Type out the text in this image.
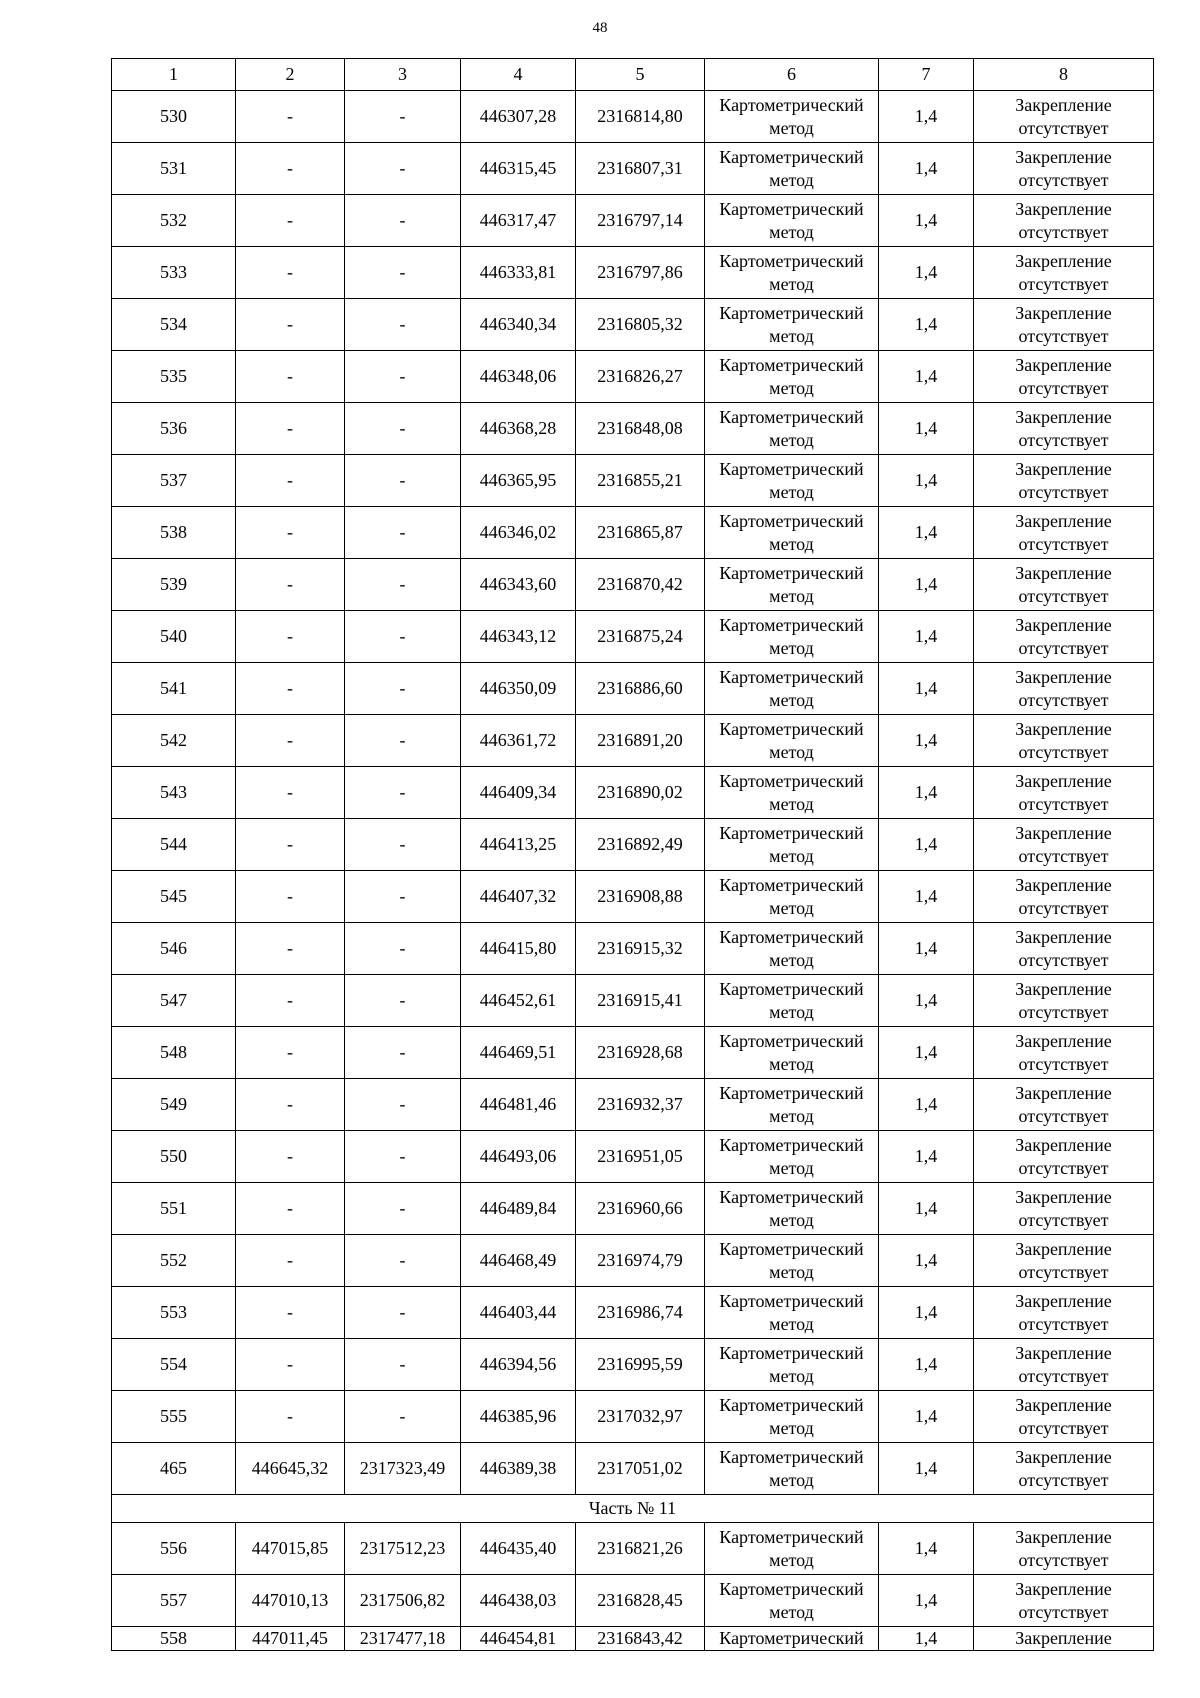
48
1	2	3	4	5	6	7	8
530	-	-	446307,28	2316814,80	Картометрический
метод	1,4	Закрепление
отсутствует

531	-	-	446315,45	2316807,31	Картометрический
метод	1,4	Закрепление
отсутствует

532	-	-	446317,47	2316797,14	Картометрический
метод	1,4	Закрепление
отсутствует

533	-	-	446333,81	2316797,86	Картометрический
метод	1,4	Закрепление
отсутствует

534	-	-	446340,34	2316805,32	Картометрический
метод	1,4	Закрепление
отсутствует

535	-	-	446348,06	2316826,27	Картометрический
метод	1,4	Закрепление
отсутствует

536	-	-	446368,28	2316848,08	Картометрический
метод	1,4	Закрепление
отсутствует

537	-	-	446365,95	2316855,21	Картометрический
метод	1,4	Закрепление
отсутствует

538	-	-	446346,02	2316865,87	Картометрический
метод	1,4	Закрепление
отсутствует

539	-	-	446343,60	2316870,42	Картометрический
метод	1,4	Закрепление
отсутствует

540	-	-	446343,12	2316875,24	Картометрический
метод	1,4	Закрепление
отсутствует

541	-	-	446350,09	2316886,60	Картометрический
метод	1,4	Закрепление
отсутствует

542	-	-	446361,72	2316891,20	Картометрический
метод	1,4	Закрепление
отсутствует

543	-	-	446409,34	2316890,02	Картометрический
метод	1,4	Закрепление
отсутствует

544	-	-	446413,25	2316892,49	Картометрический
метод	1,4	Закрепление
отсутствует

545	-	-	446407,32	2316908,88	Картометрический
метод	1,4	Закрепление
отсутствует

546	-	-	446415,80	2316915,32	Картометрический
метод	1,4	Закрепление
отсутствует

547	-	-	446452,61	2316915,41	Картометрический
метод	1,4	Закрепление
отсутствует

548	-	-	446469,51	2316928,68	Картометрический
метод	1,4	Закрепление
отсутствует

549	-	-	446481,46	2316932,37	Картометрический
метод	1,4	Закрепление
отсутствует

550	-	-	446493,06	2316951,05	Картометрический
метод	1,4	Закрепление
отсутствует

551	-	-	446489,84	2316960,66	Картометрический
метод	1,4	Закрепление
отсутствует

552	-	-	446468,49	2316974,79	Картометрический
метод	1,4	Закрепление
отсутствует

553	-	-	446403,44	2316986,74	Картометрический
метод	1,4	Закрепление
отсутствует

554	-	-	446394,56	2316995,59	Картометрический
метод	1,4	Закрепление
отсутствует

555	-	-	446385,96	2317032,97	Картометрический
метод	1,4	Закрепление
отсутствует

465	446645,32	2317323,49	446389,38	2317051,02	Картометрический
метод	1,4	Закрепление
отсутствует

Часть № 11							
556	447015,85	2317512,23	446435,40	2316821,26	Картометрический
метод	1,4	Закрепление
отсутствует

557	447010,13	2317506,82	446438,03	2316828,45	Картометрический
метод	1,4	Закрепление
отсутствует

558	447011,45	2317477,18	446454,81	2316843,42	Картометрический	1,4	Закрепление
